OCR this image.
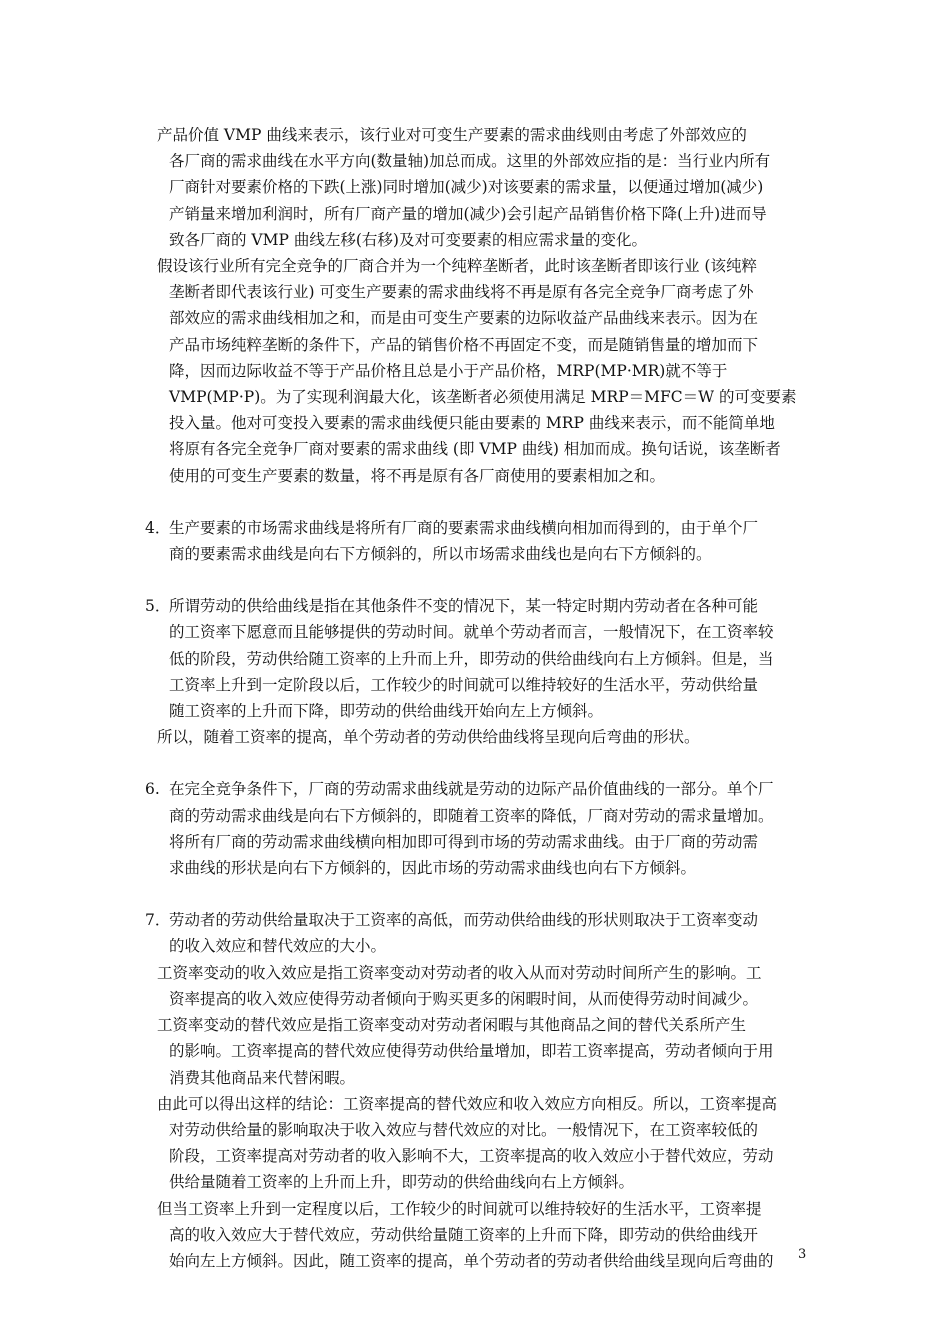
产品价值 VMP 曲线来表示，该行业对可变生产要素的需求曲线则由考虑了外部效应的
各厂商的需求曲线在水平方向(数量轴)加总而成。这里的外部效应指的是：当行业内所有
厂商针对要素价格的下跌(上涨)同时增加(减少)对该要素的需求量，以便通过增加(减少)
产销量来增加利润时，所有厂商产量的增加(减少)会引起产品销售价格下降(上升)进而导
致各厂商的 VMP 曲线左移(右移)及对可变要素的相应需求量的变化。
假设该行业所有完全竞争的厂商合并为一个纯粹垄断者，此时该垄断者即该行业 (该纯粹
垄断者即代表该行业) 可变生产要素的需求曲线将不再是原有各完全竞争厂商考虑了外
部效应的需求曲线相加之和，而是由可变生产要素的边际收益产品曲线来表示。因为在
产品市场纯粹垄断的条件下，产品的销售价格不再固定不变，而是随销售量的增加而下
降，因而边际收益不等于产品价格且总是小于产品价格，MRP(MP·MR)就不等于
VMP(MP·P)。为了实现利润最大化，该垄断者必须使用满足 MRP＝MFC＝W 的可变要素
投入量。他对可变投入要素的需求曲线便只能由要素的 MRP 曲线来表示，而不能简单地
将原有各完全竞争厂商对要素的需求曲线 (即 VMP 曲线) 相加而成。换句话说，该垄断者
使用的可变生产要素的数量，将不再是原有各厂商使用的要素相加之和。
4．
生产要素的市场需求曲线是将所有厂商的要素需求曲线横向相加而得到的，由于单个厂
商的要素需求曲线是向右下方倾斜的，所以市场需求曲线也是向右下方倾斜的。
5．
所谓劳动的供给曲线是指在其他条件不变的情况下，某一特定时期内劳动者在各种可能
的工资率下愿意而且能够提供的劳动时间。就单个劳动者而言，一般情况下，在工资率较
低的阶段，劳动供给随工资率的上升而上升，即劳动的供给曲线向右上方倾斜。但是，当
工资率上升到一定阶段以后，工作较少的时间就可以维持较好的生活水平，劳动供给量
随工资率的上升而下降，即劳动的供给曲线开始向左上方倾斜。
所以，随着工资率的提高，单个劳动者的劳动供给曲线将呈现向后弯曲的形状。
6. 在完全竞争条件下，厂商的劳动需求曲线就是劳动的边际产品价值曲线的一部分。单个厂
商的劳动需求曲线是向右下方倾斜的，即随着工资率的降低，厂商对劳动的需求量增加。
将所有厂商的劳动需求曲线横向相加即可得到市场的劳动需求曲线。由于厂商的劳动需
求曲线的形状是向右下方倾斜的，因此市场的劳动需求曲线也向右下方倾斜。
7．
劳动者的劳动供给量取决于工资率的高低，而劳动供给曲线的形状则取决于工资率变动
的收入效应和替代效应的大小。
工资率变动的收入效应是指工资率变动对劳动者的收入从而对劳动时间所产生的影响。工
资率提高的收入效应使得劳动者倾向于购买更多的闲暇时间，从而使得劳动时间减少。
工资率变动的替代效应是指工资率变动对劳动者闲暇与其他商品之间的替代关系所产生
的影响。工资率提高的替代效应使得劳动供给量增加，即若工资率提高，劳动者倾向于用
消费其他商品来代替闲暇。
由此可以得出这样的结论：工资率提高的替代效应和收入效应方向相反。所以，工资率提高
对劳动供给量的影响取决于收入效应与替代效应的对比。一般情况下，在工资率较低的
阶段，工资率提高对劳动者的收入影响不大，工资率提高的收入效应小于替代效应，劳动
供给量随着工资率的上升而上升，即劳动的供给曲线向右上方倾斜。
但当工资率上升到一定程度以后，工作较少的时间就可以维持较好的生活水平，工资率提
高的收入效应大于替代效应，劳动供给量随工资率的上升而下降，即劳动的供给曲线开
始向左上方倾斜。因此，随工资率的提高，单个劳动者的劳动者供给曲线呈现向后弯曲的	3
